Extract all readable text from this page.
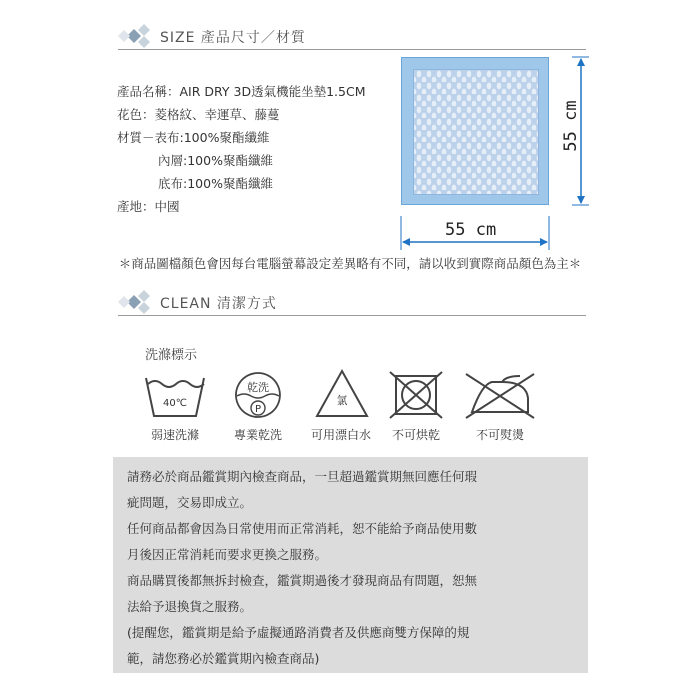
SIZE 產品尺寸／材質
產品名稱：AIR DRY 3D透氣機能坐墊1.5CM
花色：菱格紋、幸運草、藤蔓
材質－表布:100%聚酯纖維
內層:100%聚酯纖維
底布:100%聚酯纖維
產地：中國
55 cm
55 cm
＊商品圖檔顏色會因每台電腦螢幕設定差異略有不同，請以收到實際商品顏色為主＊
CLEAN 清潔方式
洗滌標示
40℃
弱速洗滌
乾洗
P
專業乾洗
氯
可用漂白水	不可烘乾	不可熨燙

請務必於商品鑑賞期內檢查商品，一旦超過鑑賞期無回應任何瑕

疵問題，交易即成立。

任何商品都會因為日常使用而正常消耗，恕不能給予商品使用數

月後因正常消耗而要求更換之服務。

商品購買後都無拆封檢查，鑑賞期過後才發現商品有問題，恕無

法給予退換貨之服務。

(提醒您，鑑賞期是給予虛擬通路消費者及供應商雙方保障的規

範，請您務必於鑑賞期內檢查商品)
